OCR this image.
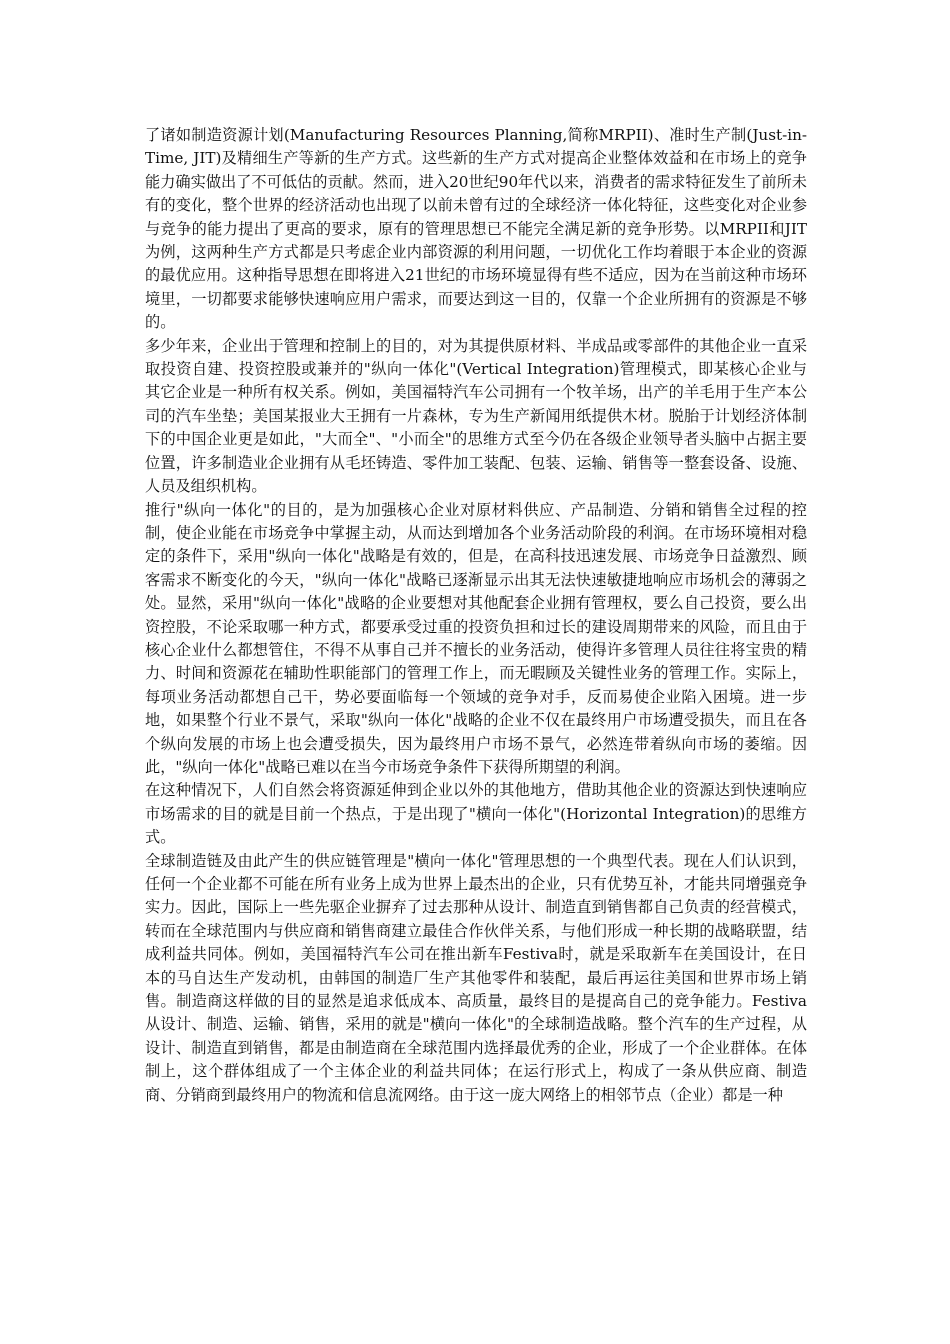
了诸如制造资源计划(Manufacturing Resources Planning,简称MRPII)、准时生产制(Just-in-Time, JIT)及精细生产等新的生产方式。这些新的生产方式对提高企业整体效益和在市场上的竞争能力确实做出了不可低估的贡献。然而，进入20世纪90年代以来，消费者的需求特征发生了前所未有的变化，整个世界的经济活动也出现了以前未曾有过的全球经济一体化特征，这些变化对企业参与竞争的能力提出了更高的要求，原有的管理思想已不能完全满足新的竞争形势。以MRPII和JIT为例，这两种生产方式都是只考虑企业内部资源的利用问题，一切优化工作均着眼于本企业的资源的最优应用。这种指导思想在即将进入21世纪的市场环境显得有些不适应，因为在当前这种市场环境里，一切都要求能够快速响应用户需求，而要达到这一目的，仅靠一个企业所拥有的资源是不够的。

多少年来，企业出于管理和控制上的目的，对为其提供原材料、半成品或零部件的其他企业一直采取投资自建、投资控股或兼并的"纵向一体化"(Vertical Integration)管理模式，即某核心企业与其它企业是一种所有权关系。例如，美国福特汽车公司拥有一个牧羊场，出产的羊毛用于生产本公司的汽车坐垫；美国某报业大王拥有一片森林，专为生产新闻用纸提供木材。脱胎于计划经济体制下的中国企业更是如此，"大而全"、"小而全"的思维方式至今仍在各级企业领导者头脑中占据主要位置，许多制造业企业拥有从毛坯铸造、零件加工装配、包装、运输、销售等一整套设备、设施、人员及组织机构。

推行"纵向一体化"的目的，是为加强核心企业对原材料供应、产品制造、分销和销售全过程的控制，使企业能在市场竞争中掌握主动，从而达到增加各个业务活动阶段的利润。在市场环境相对稳定的条件下，采用"纵向一体化"战略是有效的，但是，在高科技迅速发展、市场竞争日益激烈、顾客需求不断变化的今天，"纵向一体化"战略已逐渐显示出其无法快速敏捷地响应市场机会的薄弱之处。显然，采用"纵向一体化"战略的企业要想对其他配套企业拥有管理权，要么自己投资，要么出资控股，不论采取哪一种方式，都要承受过重的投资负担和过长的建设周期带来的风险，而且由于核心企业什么都想管住，不得不从事自己并不擅长的业务活动，使得许多管理人员往往将宝贵的精力、时间和资源花在辅助性职能部门的管理工作上，而无暇顾及关键性业务的管理工作。实际上，每项业务活动都想自己干，势必要面临每一个领域的竞争对手，反而易使企业陷入困境。进一步地，如果整个行业不景气，采取"纵向一体化"战略的企业不仅在最终用户市场遭受损失，而且在各个纵向发展的市场上也会遭受损失，因为最终用户市场不景气，必然连带着纵向市场的萎缩。因此，"纵向一体化"战略已难以在当今市场竞争条件下获得所期望的利润。

在这种情况下，人们自然会将资源延伸到企业以外的其他地方，借助其他企业的资源达到快速响应市场需求的目的就是目前一个热点，于是出现了"横向一体化"(Horizontal Integration)的思维方式。

全球制造链及由此产生的供应链管理是"横向一体化"管理思想的一个典型代表。现在人们认识到，任何一个企业都不可能在所有业务上成为世界上最杰出的企业，只有优势互补，才能共同增强竞争实力。因此，国际上一些先驱企业摒弃了过去那种从设计、制造直到销售都自己负责的经营模式，转而在全球范围内与供应商和销售商建立最佳合作伙伴关系，与他们形成一种长期的战略联盟，结成利益共同体。例如，美国福特汽车公司在推出新车Festiva时，就是采取新车在美国设计，在日本的马自达生产发动机，由韩国的制造厂生产其他零件和装配，最后再运往美国和世界市场上销售。制造商这样做的目的显然是追求低成本、高质量，最终目的是提高自己的竞争能力。Festiva从设计、制造、运输、销售，采用的就是"横向一体化"的全球制造战略。整个汽车的生产过程，从设计、制造直到销售，都是由制造商在全球范围内选择最优秀的企业，形成了一个企业群体。在体制上，这个群体组成了一个主体企业的利益共同体；在运行形式上，构成了一条从供应商、制造商、分销商到最终用户的物流和信息流网络。由于这一庞大网络上的相邻节点（企业）都是一种
